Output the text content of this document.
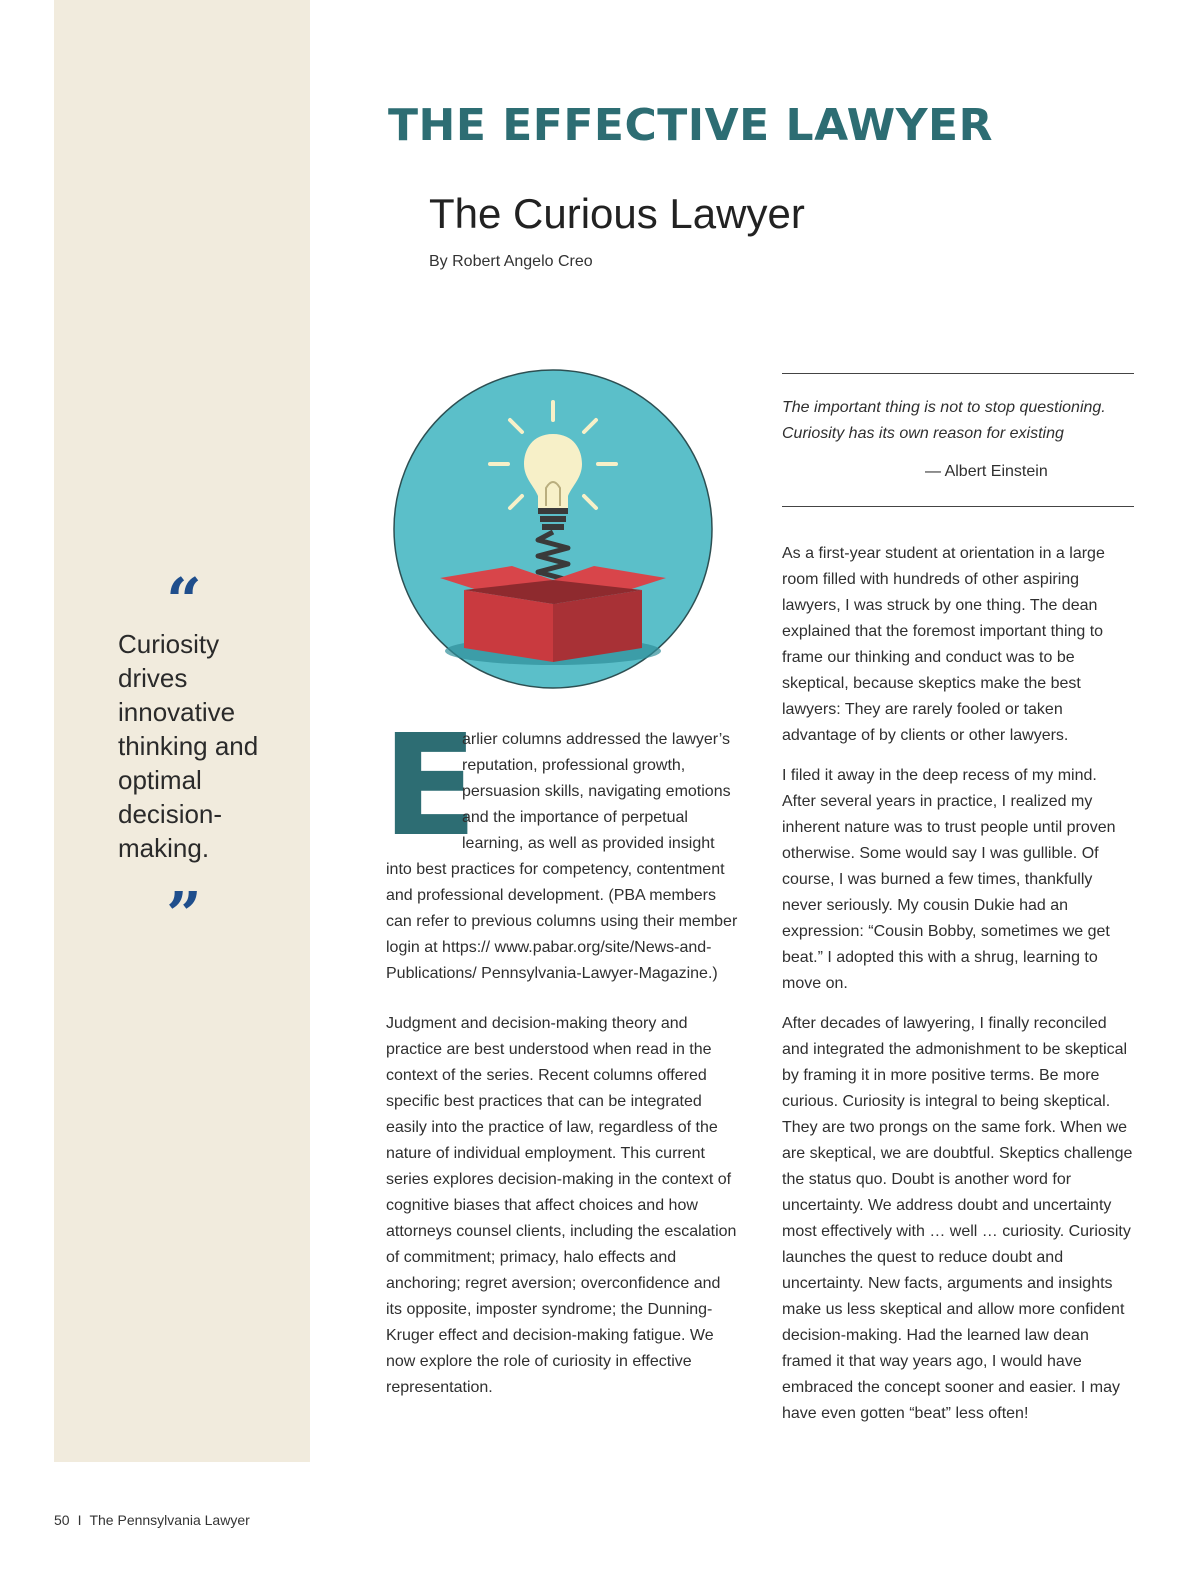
“

Curiosity drives innovative thinking and optimal decision-making.

”
THE EFFECTIVE LAWYER
The Curious Lawyer

By Robert Angelo Creo

The important thing is not to stop questioning. Curiosity has its own reason for existing

— Albert Einstein

E
arlier columns addressed the lawyer’s reputation, professional growth, persuasion skills, navigating emotions and the importance of perpetual learning, as well as provided insight into best practices for competency, contentment and professional development. (PBA members can refer to previous columns using their member login at https:// www.pabar.org/site/News-and-Publications/ Pennsylvania-Lawyer-Magazine.)

Judgment and decision-making theory and practice are best understood when read in the context of the series. Recent columns offered specific best practices that can be integrated easily into the practice of law, regardless of the nature of individual employment. This current series explores decision-making in the context of cognitive biases that affect choices and how attorneys counsel clients, including the escalation of commitment; primacy, halo effects and anchoring; regret aversion; overconfidence and its opposite, imposter syndrome; the Dunning-Kruger effect and decision-making fatigue. We now explore the role of curiosity in effective representation.

As a first-year student at orientation in a large room filled with hundreds of other aspiring lawyers, I was struck by one thing. The dean explained that the foremost important thing to frame our thinking and conduct was to be skeptical, because skeptics make the best lawyers: They are rarely fooled or taken advantage of by clients or other lawyers.

I filed it away in the deep recess of my mind. After several years in practice, I realized my inherent nature was to trust people until proven otherwise. Some would say I was gullible. Of course, I was burned a few times, thankfully never seriously. My cousin Dukie had an expression: “Cousin Bobby, sometimes we get beat.” I adopted this with a shrug, learning to move on.

After decades of lawyering, I finally reconciled and integrated the admonishment to be skeptical by framing it in more positive terms. Be more curious. Curiosity is integral to being skeptical. They are two prongs on the same fork. When we are skeptical, we are doubtful. Skeptics challenge the status quo. Doubt is another word for uncertainty. We address doubt and uncertainty most effectively with … well … curiosity. Curiosity launches the quest to reduce doubt and uncertainty. New facts, arguments and insights make us less skeptical and allow more confident decision-making. Had the learned law dean framed it that way years ago, I would have embraced the concept sooner and easier. I may have even gotten “beat” less often!

50 I The Pennsylvania Lawyer
